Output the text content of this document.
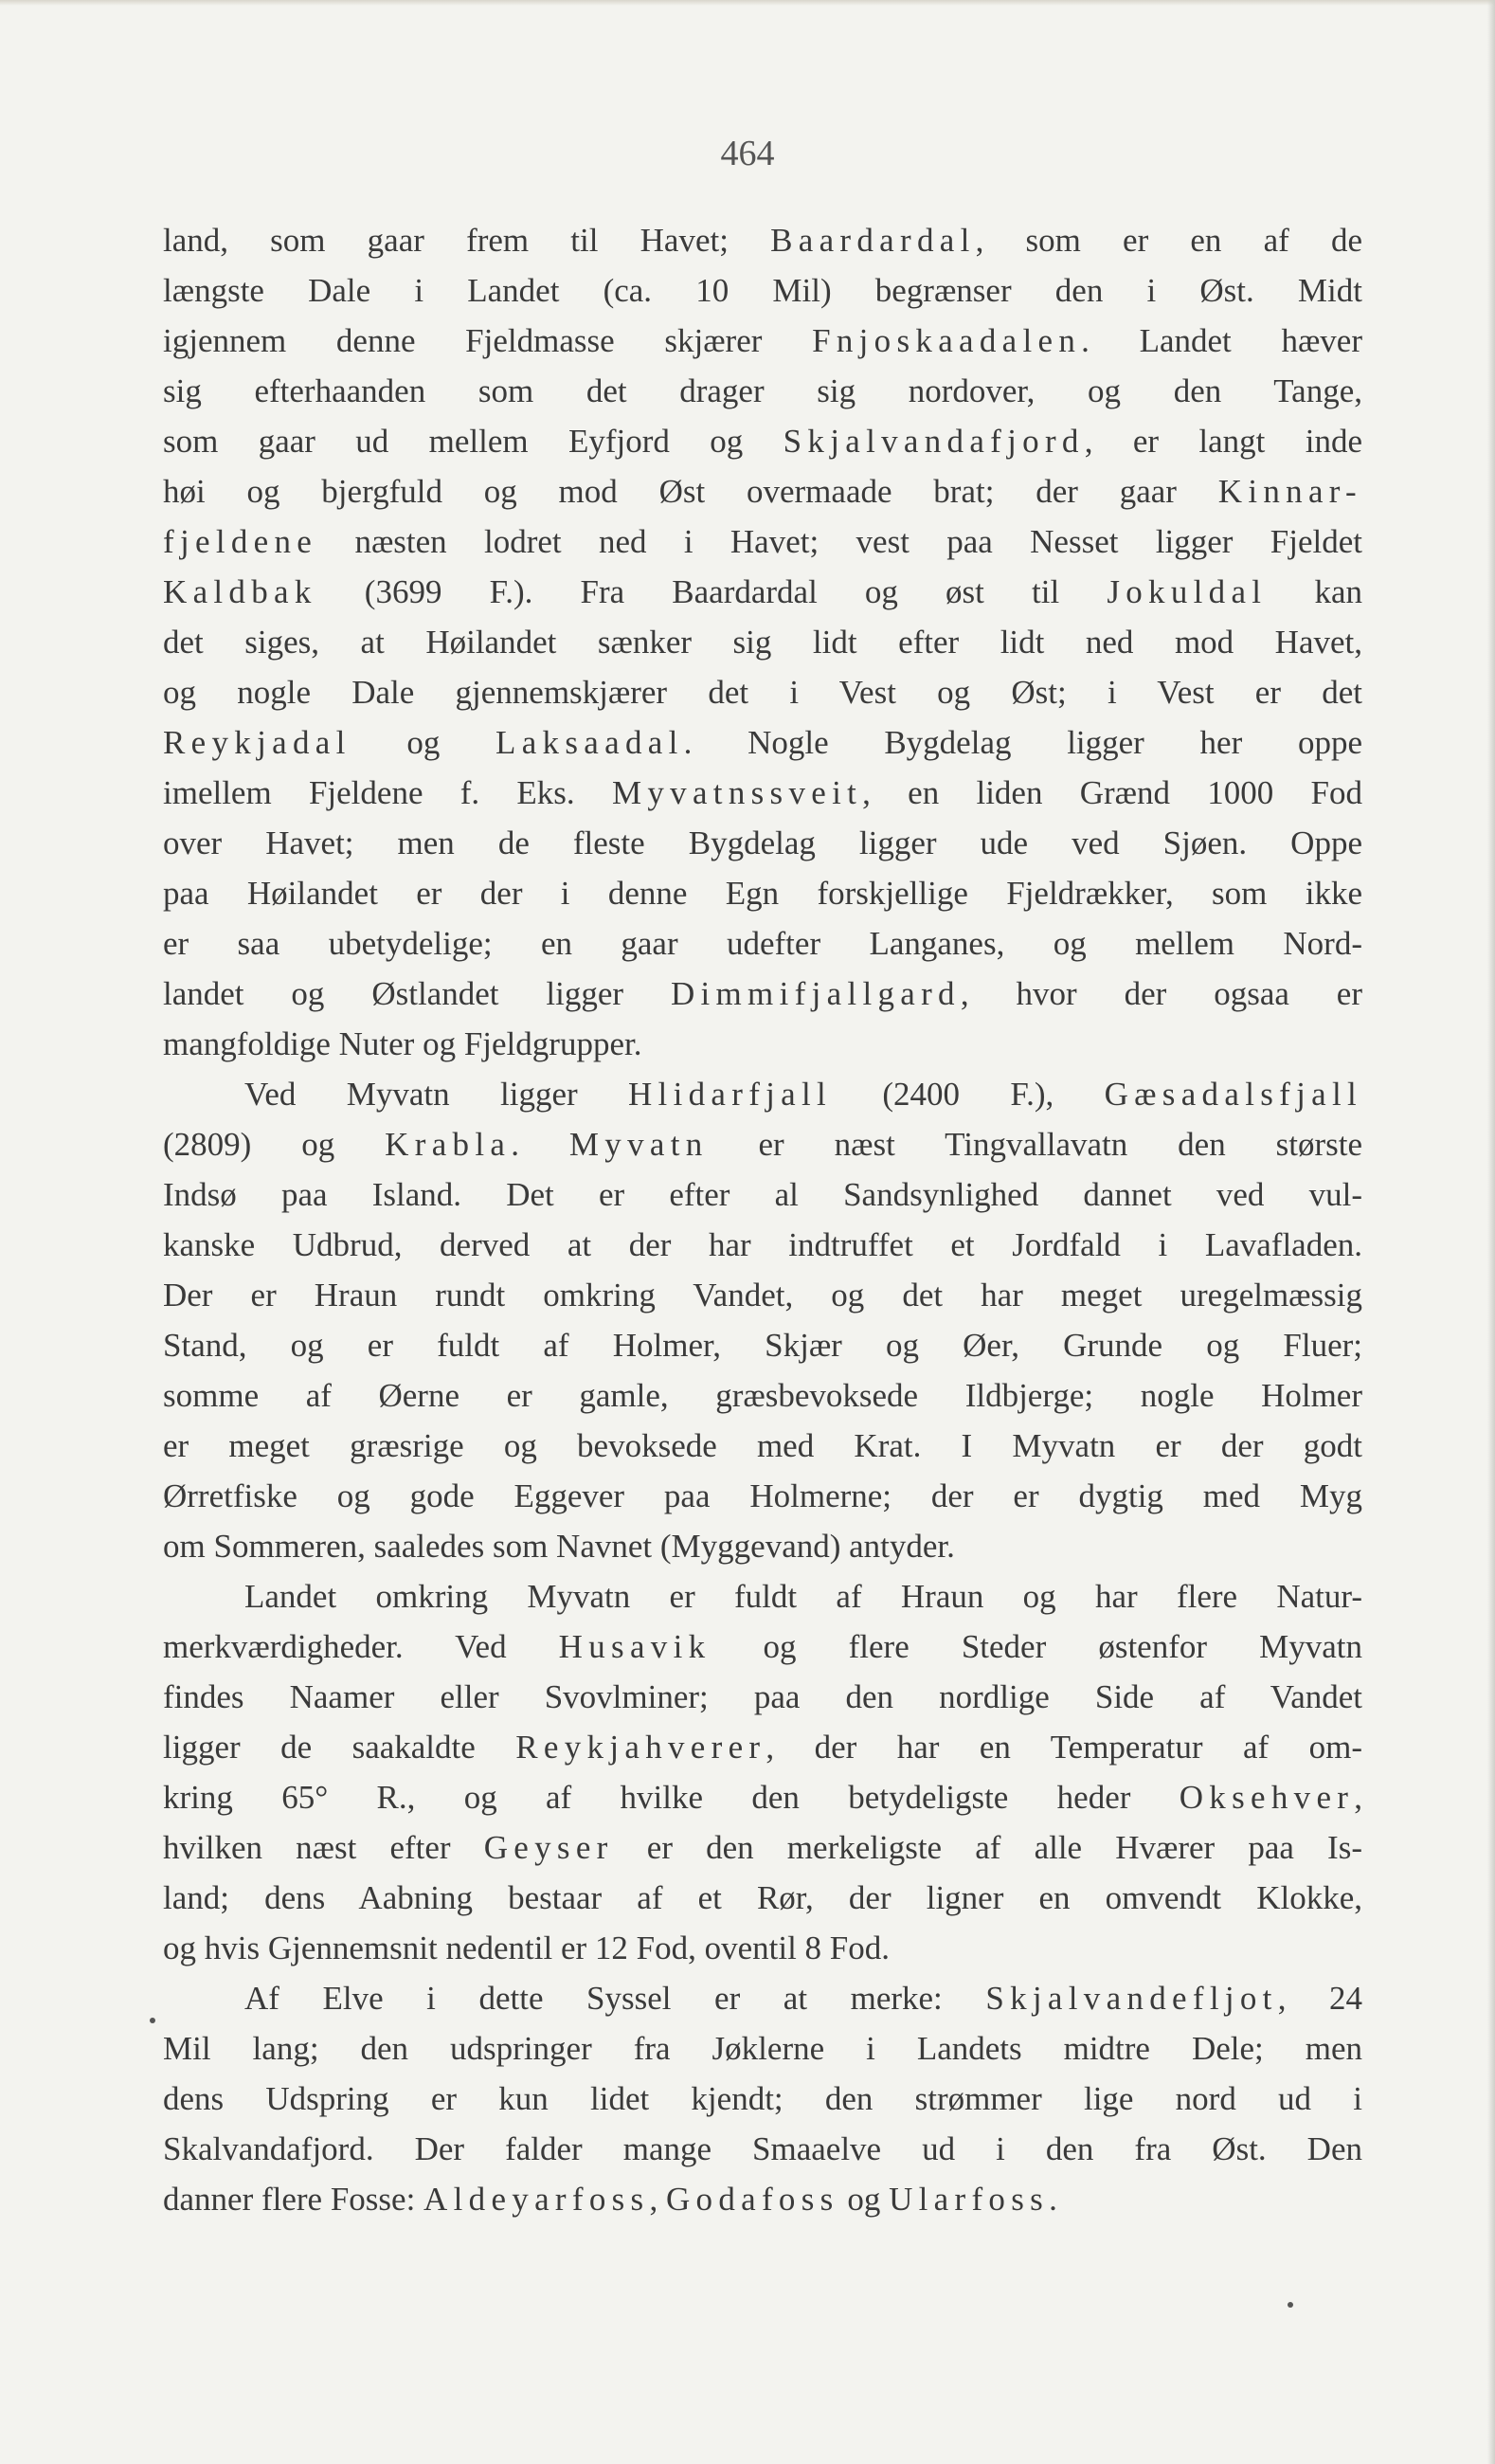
464
land, som gaar frem til Havet; Baardardal, som er en af de
længste Dale i Landet (ca. 10 Mil) begrænser den i Øst. Midt
igjennem denne Fjeldmasse skjærer Fnjoskaadalen. Landet hæver
sig efterhaanden som det drager sig nordover, og den Tange,
som gaar ud mellem Eyfjord og Skjalvandafjord, er langt inde
høi og bjergfuld og mod Øst overmaade brat; der gaar Kinnar-
fjeldene næsten lodret ned i Havet; vest paa Nesset ligger Fjeldet
Kaldbak (3699 F.). Fra Baardardal og øst til Jokuldal kan
det siges, at Høilandet sænker sig lidt efter lidt ned mod Havet,
og nogle Dale gjennemskjærer det i Vest og Øst; i Vest er det
Reykjadal og Laksaadal. Nogle Bygdelag ligger her oppe
imellem Fjeldene f. Eks. Myvatnssveit, en liden Grænd 1000 Fod
over Havet; men de fleste Bygdelag ligger ude ved Sjøen. Oppe
paa Høilandet er der i denne Egn forskjellige Fjeldrækker, som ikke
er saa ubetydelige; en gaar udefter Langanes, og mellem Nord-
landet og Østlandet ligger Dimmifjallgard, hvor der ogsaa er
mangfoldige Nuter og Fjeldgrupper.
Ved Myvatn ligger Hlidarfjall (2400 F.), Gæsadalsfjall
(2809) og Krabla. Myvatn er næst Tingvallavatn den største
Indsø paa Island. Det er efter al Sandsynlighed dannet ved vul-
kanske Udbrud, derved at der har indtruffet et Jordfald i Lavafladen.
Der er Hraun rundt omkring Vandet, og det har meget uregelmæssig
Stand, og er fuldt af Holmer, Skjær og Øer, Grunde og Fluer;
somme af Øerne er gamle, græsbevoksede Ildbjerge; nogle Holmer
er meget græsrige og bevoksede med Krat. I Myvatn er der godt
Ørretfiske og gode Eggever paa Holmerne; der er dygtig med Myg
om Sommeren, saaledes som Navnet (Myggevand) antyder.
Landet omkring Myvatn er fuldt af Hraun og har flere Natur-
merkværdigheder. Ved Husavik og flere Steder østenfor Myvatn
findes Naamer eller Svovlminer; paa den nordlige Side af Vandet
ligger de saakaldte Reykjahverer, der har en Temperatur af om-
kring 65° R., og af hvilke den betydeligste heder Oksehver,
hvilken næst efter Geyser er den merkeligste af alle Hværer paa Is-
land; dens Aabning bestaar af et Rør, der ligner en omvendt Klokke,
og hvis Gjennemsnit nedentil er 12 Fod, oventil 8 Fod.
Af Elve i dette Syssel er at merke: Skjalvandefljot, 24
Mil lang; den udspringer fra Jøklerne i Landets midtre Dele; men
dens Udspring er kun lidet kjendt; den strømmer lige nord ud i
Skalvandafjord. Der falder mange Smaaelve ud i den fra Øst. Den
danner flere Fosse: Aldeyarfoss, Godafoss og Ularfoss.
